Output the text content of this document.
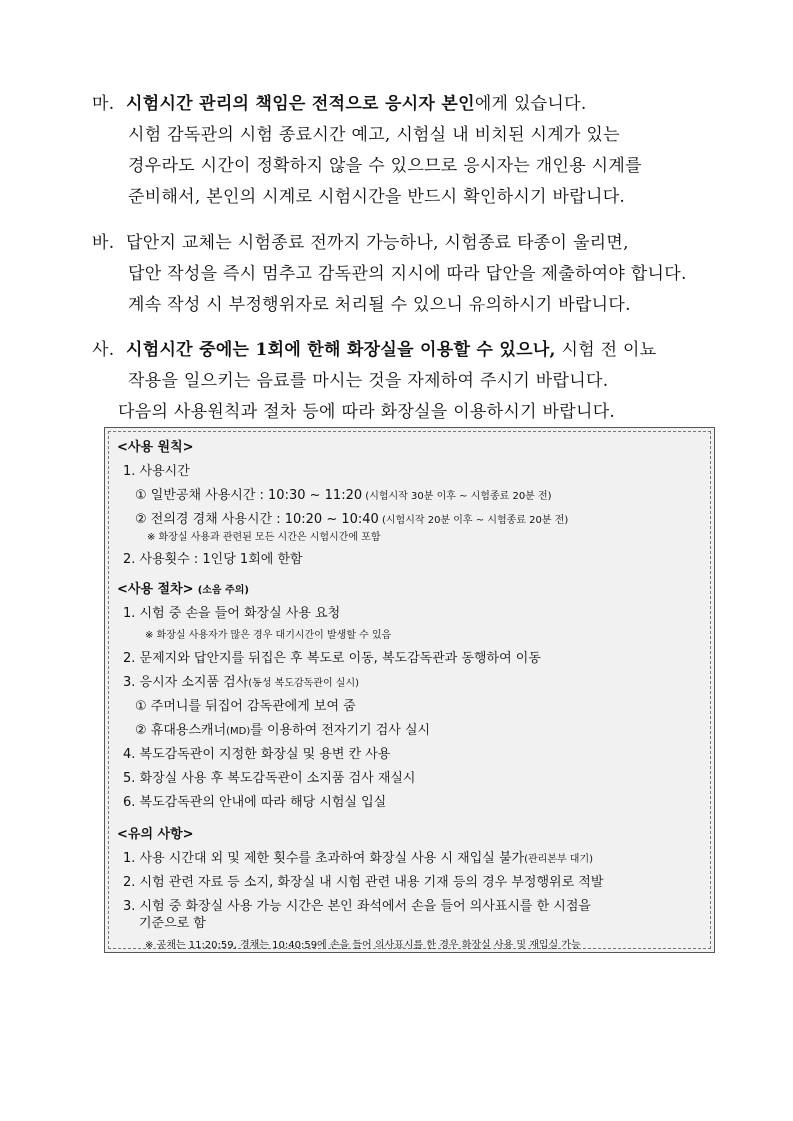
마. 시험시간 관리의 책임은 전적으로 응시자 본인에게 있습니다.
시험 감독관의 시험 종료시간 예고, 시험실 내 비치된 시계가 있는
경우라도 시간이 정확하지 않을 수 있으므로 응시자는 개인용 시계를
준비해서, 본인의 시계로 시험시간을 반드시 확인하시기 바랍니다.
바. 답안지 교체는 시험종료 전까지 가능하나, 시험종료 타종이 울리면,
답안 작성을 즉시 멈추고 감독관의 지시에 따라 답안을 제출하여야 합니다.
계속 작성 시 부정행위자로 처리될 수 있으니 유의하시기 바랍니다.
사. 시험시간 중에는 1회에 한해 화장실을 이용할 수 있으나, 시험 전 이뇨
작용을 일으키는 음료를 마시는 것을 자제하여 주시기 바랍니다.
다음의 사용원칙과 절차 등에 따라 화장실을 이용하시기 바랍니다.
<사용 원칙>
1. 사용시간
① 일반공채 사용시간 : 10:30 ~ 11:20 (시험시작 30분 이후 ~ 시험종료 20분 전)
② 전의경 경채 사용시간 : 10:20 ~ 10:40 (시험시작 20분 이후 ~ 시험종료 20분 전)
※ 화장실 사용과 관련된 모든 시간은 시험시간에 포함
2. 사용횟수 : 1인당 1회에 한함
<사용 절차> (소음 주의)
1. 시험 중 손을 들어 화장실 사용 요청
※ 화장실 사용자가 많은 경우 대기시간이 발생할 수 있음
2. 문제지와 답안지를 뒤집은 후 복도로 이동, 복도감독관과 동행하여 이동
3. 응시자 소지품 검사(동성 복도감독관이 실시)
① 주머니를 뒤집어 감독관에게 보여 줌
② 휴대용스캐너(MD)를 이용하여 전자기기 검사 실시
4. 복도감독관이 지정한 화장실 및 용변 칸 사용
5. 화장실 사용 후 복도감독관이 소지품 검사 재실시
6. 복도감독관의 안내에 따라 해당 시험실 입실
<유의 사항>
1. 사용 시간대 외 및 제한 횟수를 초과하여 화장실 사용 시 재입실 불가(관리본부 대기)
2. 시험 관련 자료 등 소지, 화장실 내 시험 관련 내용 기재 등의 경우 부정행위로 적발
3. 시험 중 화장실 사용 가능 시간은 본인 좌석에서 손을 들어 의사표시를 한 시점을
기준으로 함
※ 공채는 11:20:59, 경채는 10:40:59에 손을 들어 의사표시를 한 경우 화장실 사용 및 재입실 가능
